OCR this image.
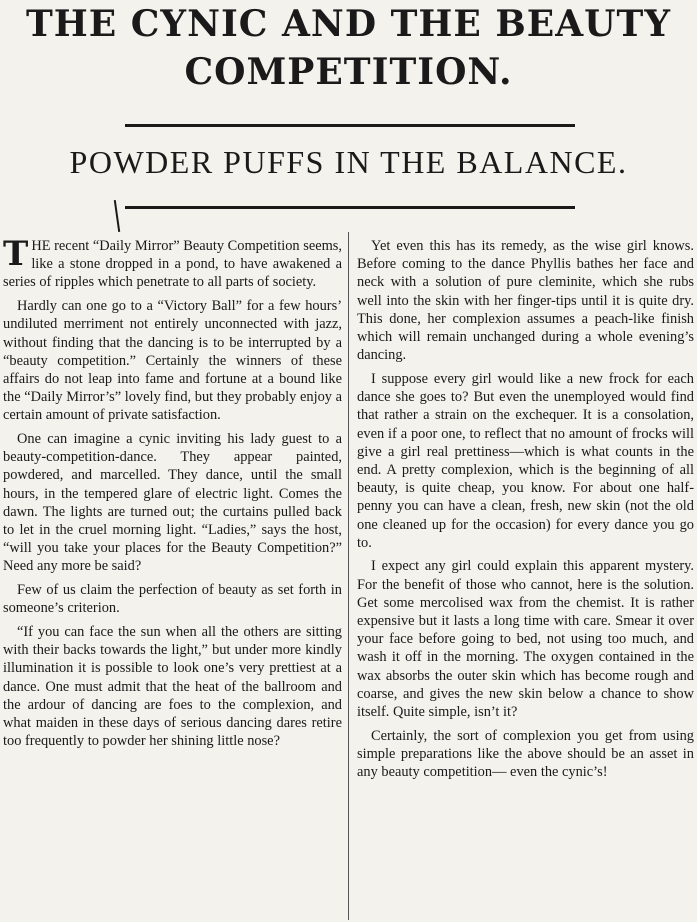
THE CYNIC AND THE BEAUTY
COMPETITION.
POWDER PUFFS IN THE BALANCE.

THE recent “Daily Mirror” Beauty Competition seems, like a stone dropped in a pond, to have awakened a series of ripples which penetrate to all parts of society.

Hardly can one go to a “Victory Ball” for a few hours’ undiluted merriment not entirely unconnected with jazz, without finding that the dancing is to be interrupted by a “beauty competition.” Certainly the winners of these affairs do not leap into fame and fortune at a bound like the “Daily Mirror’s” lovely find, but they probably enjoy a certain amount of private satisfaction.

One can imagine a cynic inviting his lady guest to a beauty-competition-dance. They appear painted, powdered, and marcelled. They dance, until the small hours, in the tempered glare of electric light. Comes the dawn. The lights are turned out; the curtains pulled back to let in the cruel morning light. “Ladies,” says the host, “will you take your places for the Beauty Competition?” Need any more be said?

Few of us claim the perfection of beauty as set forth in someone’s criterion.

“If you can face the sun when all the others are sitting with their backs towards the light,” but under more kindly illumination it is possible to look one’s very prettiest at a dance. One must admit that the heat of the ballroom and the ardour of dancing are foes to the complexion, and what maiden in these days of serious dancing dares retire too frequently to powder her shining little nose?

Yet even this has its remedy, as the wise girl knows. Before coming to the dance Phyllis bathes her face and neck with a solution of pure cleminite, which she rubs well into the skin with her finger-tips until it is quite dry. This done, her complexion assumes a peach-like finish which will remain unchanged during a whole evening’s dancing.

I suppose every girl would like a new frock for each dance she goes to? But even the unemployed would find that rather a strain on the exchequer. It is a consolation, even if a poor one, to reflect that no amount of frocks will give a girl real prettiness—which is what counts in the end. A pretty complexion, which is the beginning of all beauty, is quite cheap, you know. For about one half-penny you can have a clean, fresh, new skin (not the old one cleaned up for the occasion) for every dance you go to.

I expect any girl could explain this apparent mystery. For the benefit of those who cannot, here is the solution. Get some mercolised wax from the chemist. It is rather expensive but it lasts a long time with care. Smear it over your face before going to bed, not using too much, and wash it off in the morning. The oxygen contained in the wax absorbs the outer skin which has become rough and coarse, and gives the new skin below a chance to show itself. Quite simple, isn’t it?

Certainly, the sort of complexion you get from using simple preparations like the above should be an asset in any beauty competition— even the cynic’s!
